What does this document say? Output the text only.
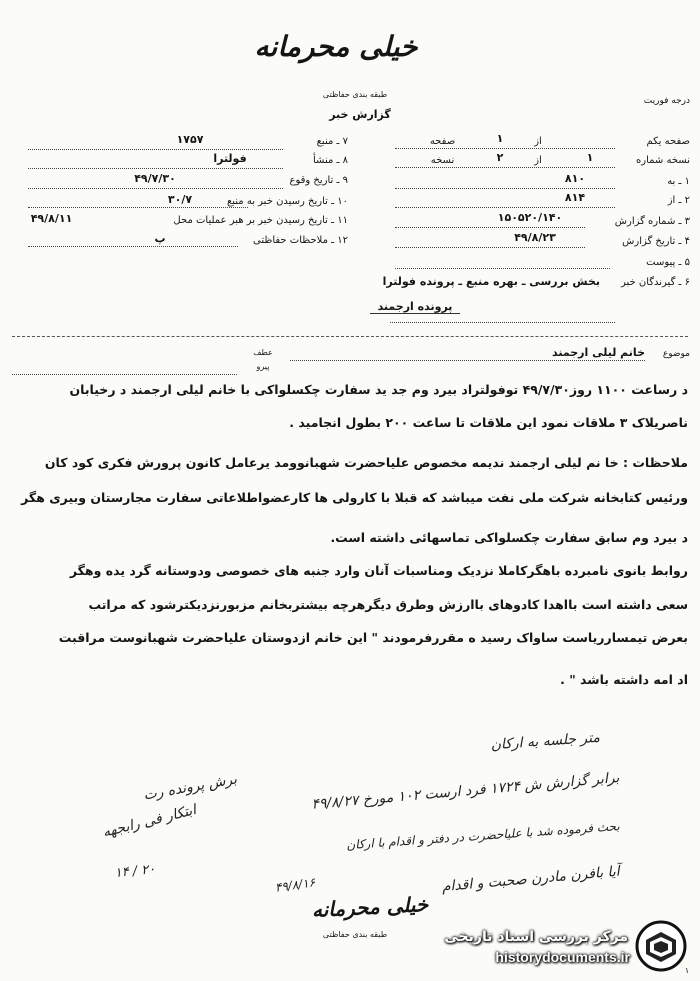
خیلی محرمانه
طبقه بندی حفاظتی
درجه فوریت
گزارش خبر
۷ ـ منبع
۱۷۵۷
۸ ـ منشأ
فولترا
۹ ـ تاریخ وقوع
۴۹/۷/۳۰
۱۰ ـ تاریخ رسیدن خبر به منبع
۳۰/۷
۱۱ ـ تاریخ رسیدن خبر بر هبر عملیات محل
۴۹/۸/۱۱
۱۲ ـ ملاحظات حفاظتی
پ
صفحه یکم
۱	از
صفحه
نسخه شماره
۱
از
۲
نسخه
۱ ـ به
۸۱۰
۲ ـ از
۸۱۴
۳ ـ شماره گزارش
۱۵۰۵۲۰/۱۴۰
۴ ـ تاریخ گزارش
۴۹/۸/۲۳
۵ ـ پیوست
۶ ـ گیرندگان خبر
بخش بررسی ـ بهره منبع ـ پرونده فولترا
پرونده ارجمند
عطف
پیرو
موضوع
خانم لیلی ارجمند
د رساعت ۱۱۰۰ روز۴۹/۷/۳۰ توفولتراد بیرد وم جد ید سفارت چکسلواکی با خانم لیلی ارجمند د رخیابان
ناصریلاک ۳ ملاقات نمود این ملاقات تا ساعت ۲۰۰ بطول انجامید .
ملاحظات : خا نم لیلی ارجمند ندیمه مخصوص علیاحضرت شهبانوومد یرعامل کانون پرورش فکری کود کان
ورئیس کتابخانه شرکت ملی نفت میباشد که قبلا با کارولی ها کارعضواطلاعاتی سفارت مجارستان وبیری هگر
د بیرد وم سابق سفارت چکسلواکی تماسهائی داشته است.
روابط بانوی نامبرده باهگرکاملا نزدیک ومناسبات آنان وارد جنبه های خصوصی ودوستانه گرد یده وهگر
سعی داشته است بااهدا کادوهای باارزش وطرق دیگرهرچه بیشتربخانم مزبورنزدیکترشود که مراتب
بعرض تیمسارریاست ساواک رسید ه مقررفرمودند " این خانم ازدوستان علیاحضرت شهبانوست مراقبت
اد امه داشته باشد " .
متر جلسه به ارکان
برابر گزارش ش ۱۷۲۴ فرد ارست ۱۰۲ مورخ ۴۹/۸/۲۷
بحث فرموده شد با علیاحضرت در دفتر و اقدام با ارکان
آیا بافرن مادرن صحبت و اقدام
۴۹/۸/۱۶
برش پرونده رت
ابتکار فی رابجهه
۲۰ / ۱۴
خیلی محرمانه
طبقه بندی حفاظتی
۱
مرکز بررسی اسناد تاریخی
historydocuments.ir
